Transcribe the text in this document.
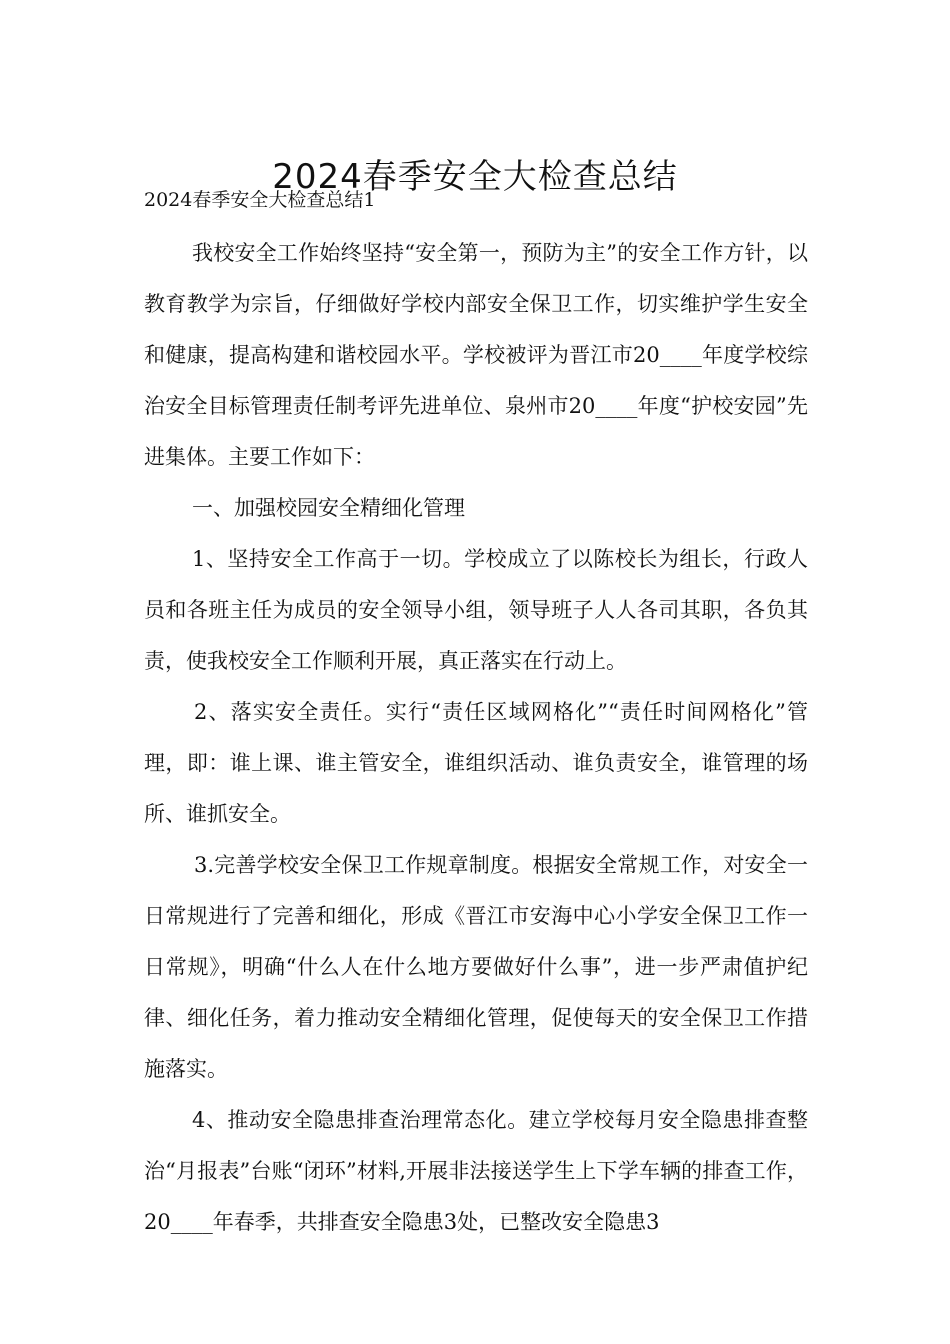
2024春季安全大检查总结
2024春季安全大检查总结1

我校安全工作始终坚持“安全第一，预防为主”的安全工作方针，以教育教学为宗旨，仔细做好学校内部安全保卫工作，切实维护学生安全和健康，提高构建和谐校园水平。学校被评为晋江市20____年度学校综治安全目标管理责任制考评先进单位、泉州市20____年度“护校安园”先进集体。主要工作如下：

一、加强校园安全精细化管理

1、坚持安全工作高于一切。学校成立了以陈校长为组长，行政人员和各班主任为成员的安全领导小组，领导班子人人各司其职，各负其责，使我校安全工作顺利开展，真正落实在行动上。

2、落实安全责任。实行“责任区域网格化”“责任时间网格化”管理，即：谁上课、谁主管安全，谁组织活动、谁负责安全，谁管理的场所、谁抓安全。

3.完善学校安全保卫工作规章制度。根据安全常规工作，对安全一日常规进行了完善和细化，形成《晋江市安海中心小学安全保卫工作一日常规》，明确“什么人在什么地方要做好什么事”，进一步严肃值护纪律、细化任务，着力推动安全精细化管理，促使每天的安全保卫工作措施落实。

4、推动安全隐患排查治理常态化。建立学校每月安全隐患排查整治“月报表”台账“闭环”材料,开展非法接送学生上下学车辆的排查工作，20____年春季，共排查安全隐患3处，已整改安全隐患3
